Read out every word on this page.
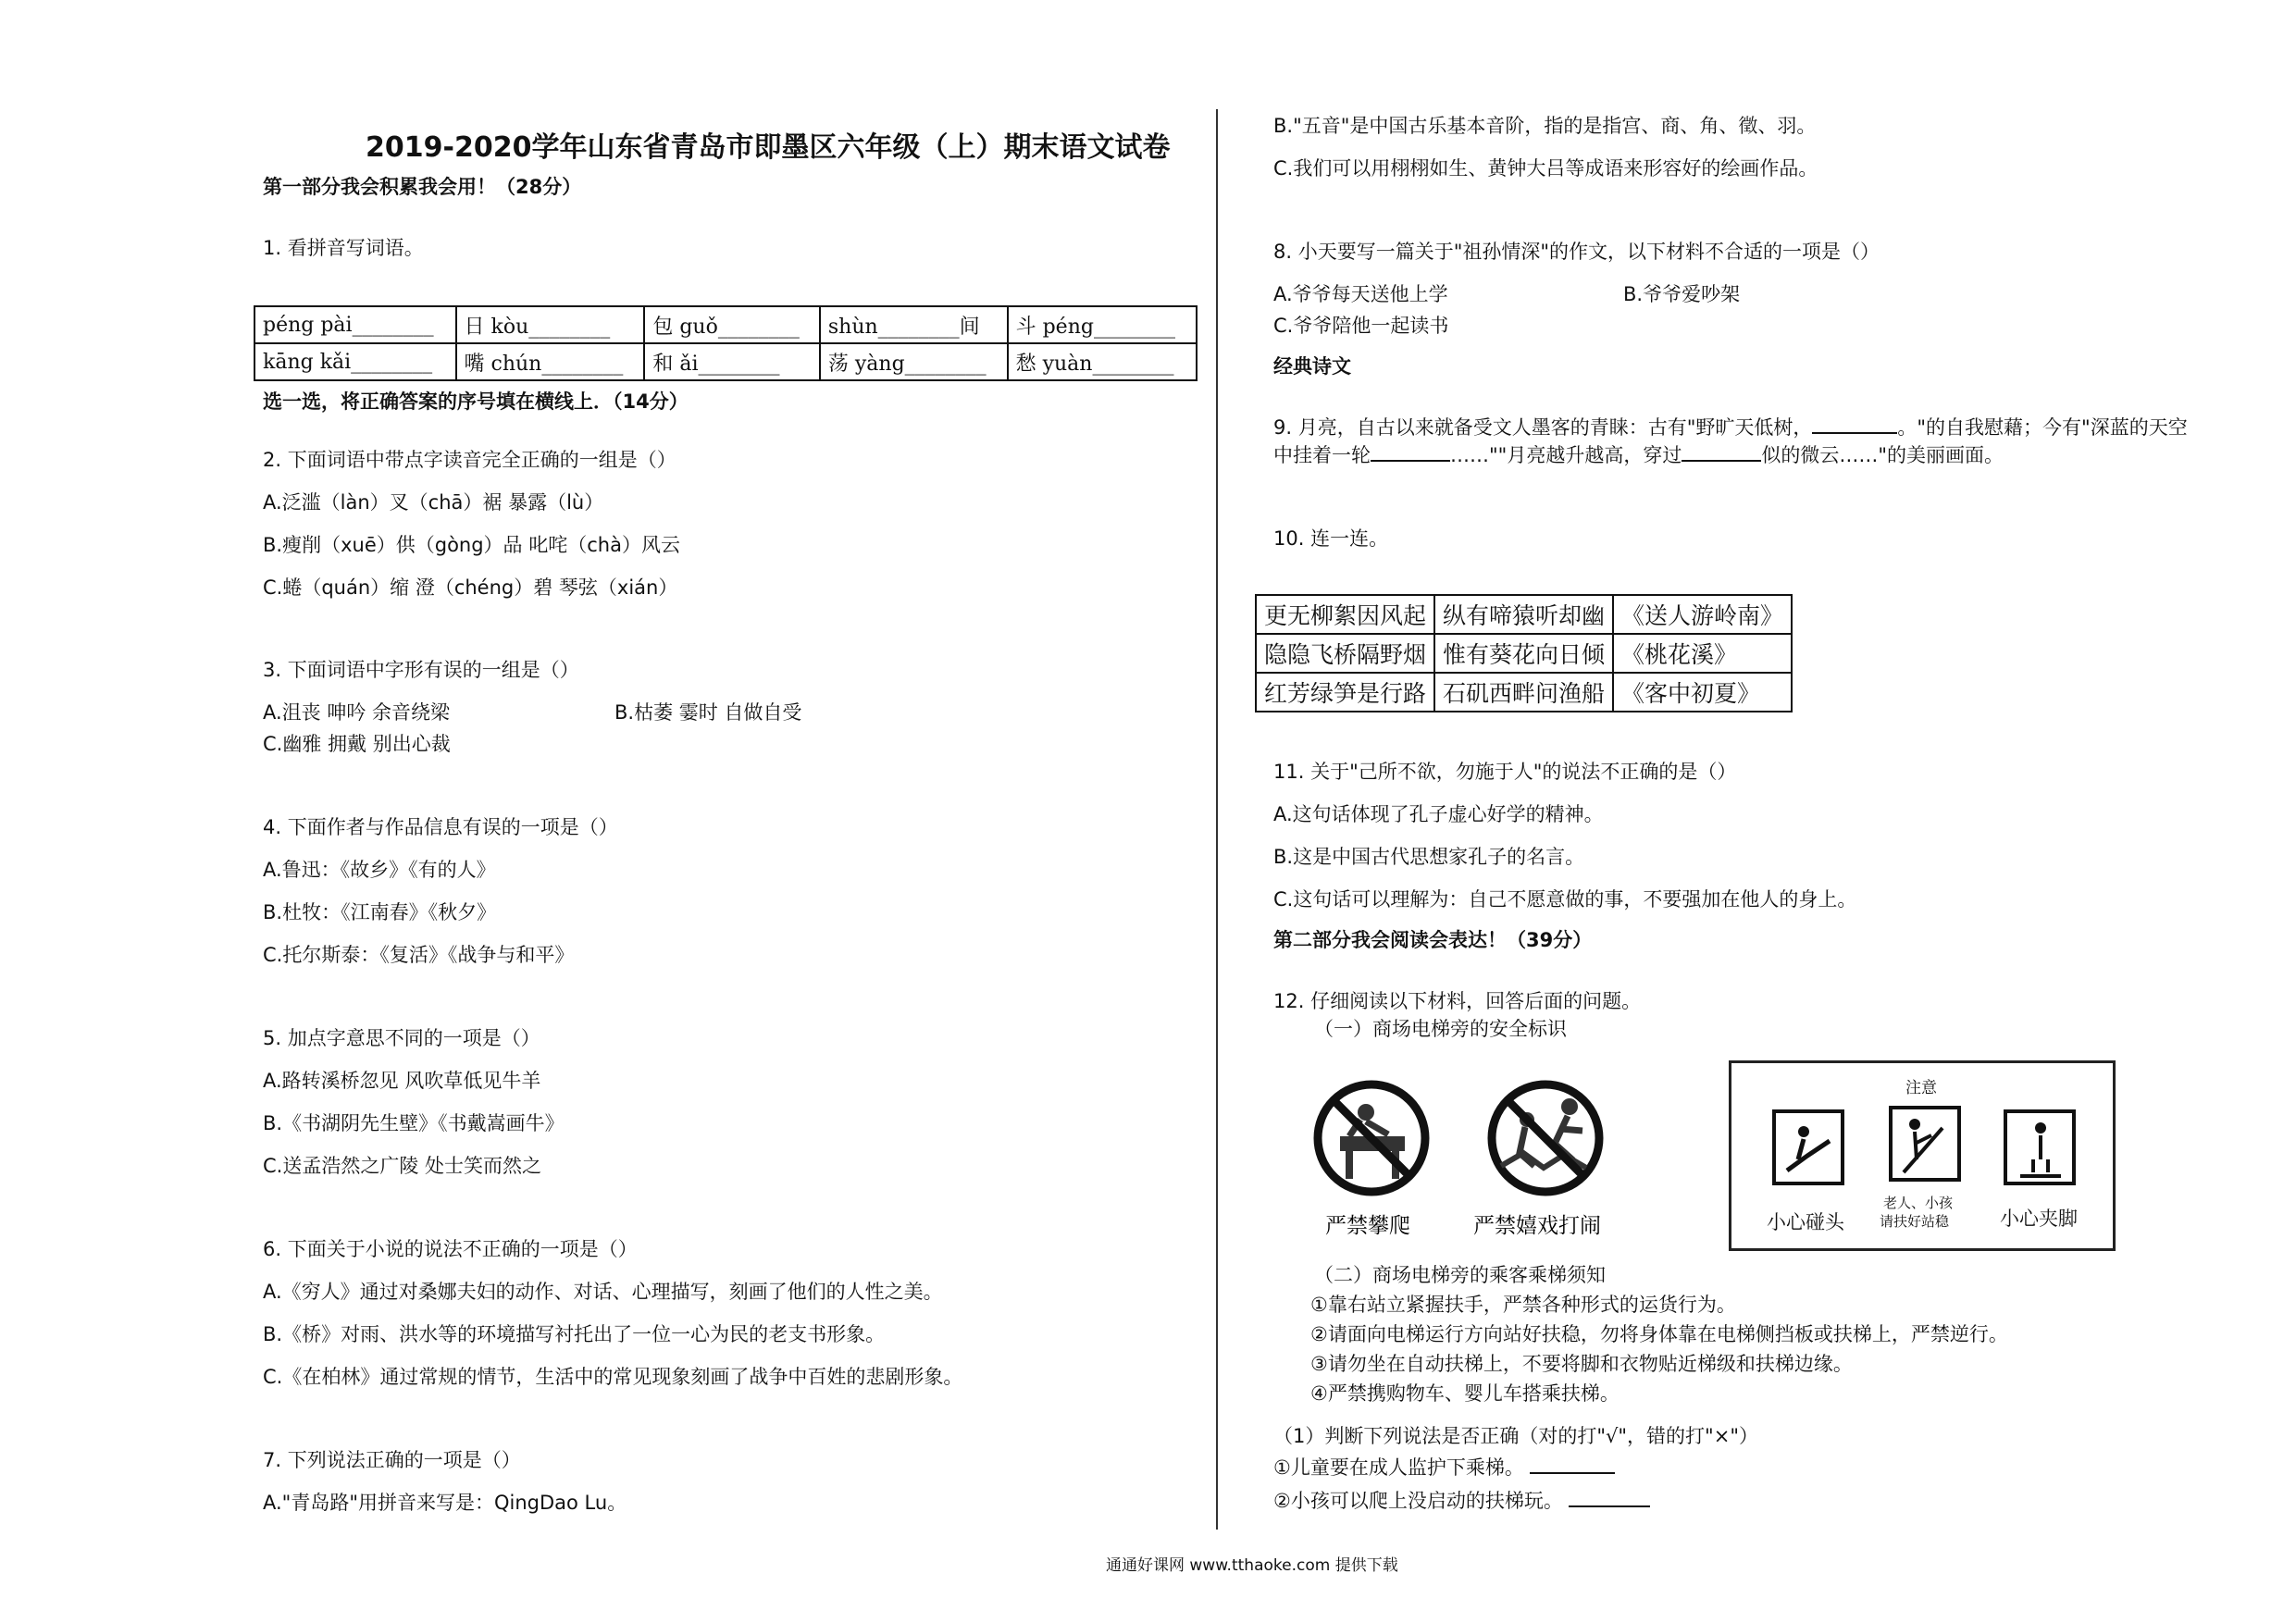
2019-2020学年山东省青岛市即墨区六年级（上）期末语文试卷
第一部分我会积累我会用！（28分）
1. 看拼音写词语。
péng pài________	日 kòu________	包 guǒ________	shùn________间	斗 péng________
kāng kǎi________	嘴 chún________	和 ǎi________	荡 yàng________	愁 yuàn________
选一选，将正确答案的序号填在横线上．（14分）
2. 下面词语中带点字读音完全正确的一组是（）
A.泛滥（làn）叉（chā）裾 暴露（lù）
B.瘦削（xuē）供（gòng）品 叱咤（chà）风云
C.蜷（quán）缩 澄（chéng）碧 琴弦（xián）
3. 下面词语中字形有误的一组是（）
A.沮丧 呻吟 余音绕梁	B.枯萎 霎时 自做自受
C.幽雅 拥戴 别出心裁
4. 下面作者与作品信息有误的一项是（）
A.鲁迅：《故乡》《有的人》
B.杜牧：《江南春》《秋夕》
C.托尔斯泰：《复活》《战争与和平》
5. 加点字意思不同的一项是（）
A.路转溪桥忽见 风吹草低见牛羊
B.《书湖阴先生壁》《书戴嵩画牛》
C.送孟浩然之广陵 处士笑而然之
6. 下面关于小说的说法不正确的一项是（）
A.《穷人》通过对桑娜夫妇的动作、对话、心理描写，刻画了他们的人性之美。
B.《桥》对雨、洪水等的环境描写衬托出了一位一心为民的老支书形象。
C.《在柏林》通过常规的情节，生活中的常见现象刻画了战争中百姓的悲剧形象。
7. 下列说法正确的一项是（）
A."青岛路"用拼音来写是：QingDao Lu。
B."五音"是中国古乐基本音阶，指的是指宫、商、角、徵、羽。
C.我们可以用栩栩如生、黄钟大吕等成语来形容好的绘画作品。
8. 小天要写一篇关于"祖孙情深"的作文，以下材料不合适的一项是（）
A.爷爷每天送他上学	B.爷爷爱吵架
C.爷爷陪他一起读书
经典诗文
9. 月亮，自古以来就备受文人墨客的青睐：古有"野旷天低树，	。"的自我慰藉；今有"深蓝的天空
中挂着一轮	……""月亮越升越高，穿过	似的微云……"的美丽画面。
10. 连一连。
更无柳絮因风起	纵有啼猿听却幽	《送人游岭南》
隐隐飞桥隔野烟	惟有葵花向日倾	《桃花溪》
红芳绿笋是行路	石矶西畔问渔船	《客中初夏》
11. 关于"己所不欲，勿施于人"的说法不正确的是（）
A.这句话体现了孔子虚心好学的精神。
B.这是中国古代思想家孔子的名言。
C.这句话可以理解为：自己不愿意做的事，不要强加在他人的身上。
第二部分我会阅读会表达！（39分）
12. 仔细阅读以下材料，回答后面的问题。
（一）商场电梯旁的安全标识
严禁攀爬	严禁嬉戏打闹
注意
小心碰头
老人、小孩
请扶好站稳	小心夹脚
（二）商场电梯旁的乘客乘梯须知
①靠右站立紧握扶手，严禁各种形式的运货行为。
②请面向电梯运行方向站好扶稳，勿将身体靠在电梯侧挡板或扶梯上，严禁逆行。
③请勿坐在自动扶梯上，不要将脚和衣物贴近梯级和扶梯边缘。
④严禁携购物车、婴儿车搭乘扶梯。
（1）判断下列说法是否正确（对的打"√"，错的打"×"）
①儿童要在成人监护下乘梯。
②小孩可以爬上没启动的扶梯玩。
通通好课网 www.tthaoke.com 提供下载
